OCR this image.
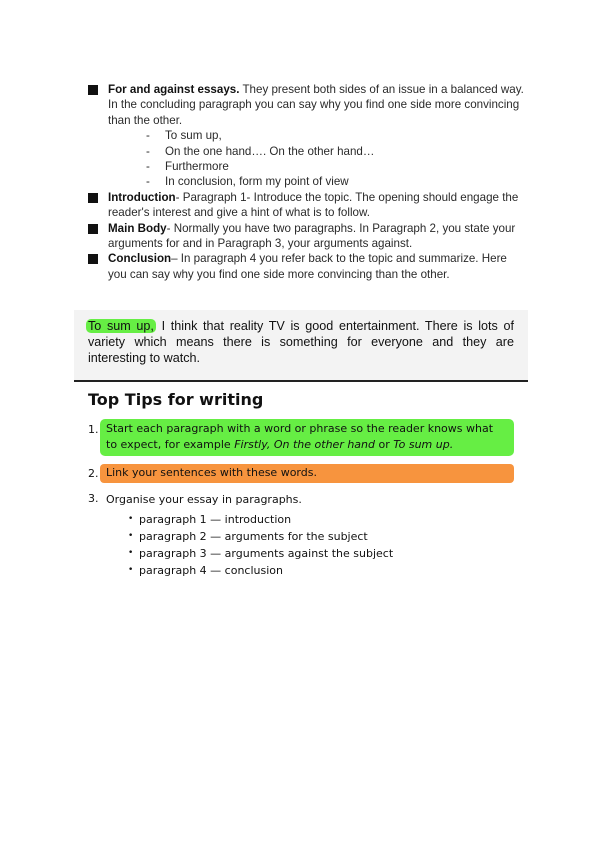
For and against essays. They present both sides of an issue in a balanced way. In the concluding paragraph you can say why you find one side more convincing than the other.
- To sum up,
- On the one hand…. On the other hand…
- Furthermore
- In conclusion, form my point of view
Introduction- Paragraph 1- Introduce the topic. The opening should engage the reader's interest and give a hint of what is to follow.
Main Body- Normally you have two paragraphs. In Paragraph 2, you state your arguments for and in Paragraph 3, your arguments against.
Conclusion– In paragraph 4 you refer back to the topic and summarize. Here you can say why you find one side more convincing than the other.

To sum up, I think that reality TV is good entertainment. There is lots of variety which means there is something for everyone and they are interesting to watch.

Top Tips for writing
1. Start each paragraph with a word or phrase so the reader knows what to expect, for example Firstly, On the other hand or To sum up.
2. Link your sentences with these words.
3. Organise your essay in paragraphs.
• paragraph 1 — introduction
• paragraph 2 — arguments for the subject
• paragraph 3 — arguments against the subject
• paragraph 4 — conclusion
